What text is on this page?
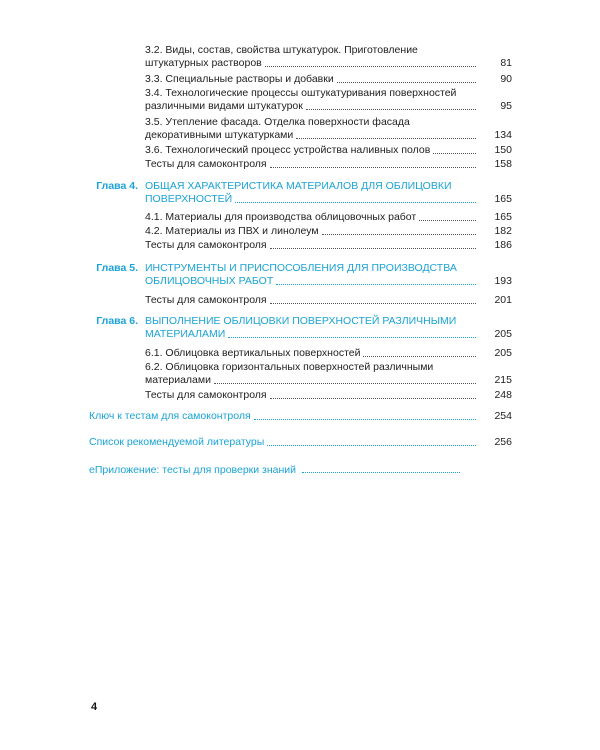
3.2. Виды, состав, свойства штукатурок. Приготовление
штукатурных растворов	81
3.3. Специальные растворы и добавки	90
3.4. Технологические процессы оштукатуривания поверхностей
различными видами штукатурок	95
3.5. Утепление фасада. Отделка поверхности фасада
декоративными штукатурками	134
3.6. Технологический процесс устройства наливных полов	150
Тесты для самоконтроля	158
Глава 4. ОБЩАЯ ХАРАКТЕРИСТИКА МАТЕРИАЛОВ ДЛЯ ОБЛИЦОВКИ
ПОВЕРХНОСТЕЙ	165
4.1. Материалы для производства облицовочных работ	165
4.2. Материалы из ПВХ и линолеум	182
Тесты для самоконтроля	186
Глава 5. ИНСТРУМЕНТЫ И ПРИСПОСОБЛЕНИЯ ДЛЯ ПРОИЗВОДСТВА
ОБЛИЦОВОЧНЫХ РАБОТ	193
Тесты для самоконтроля	201
Глава 6. ВЫПОЛНЕНИЕ ОБЛИЦОВКИ ПОВЕРХНОСТЕЙ РАЗЛИЧНЫМИ
МАТЕРИАЛАМИ	205
6.1. Облицовка вертикальных поверхностей	205
6.2. Облицовка горизонтальных поверхностей различными
материалами	215
Тесты для самоконтроля	248
Ключ к тестам для самоконтроля	254
Список рекомендуемой литературы	256
еПриложение: тесты для проверки знаний
4
